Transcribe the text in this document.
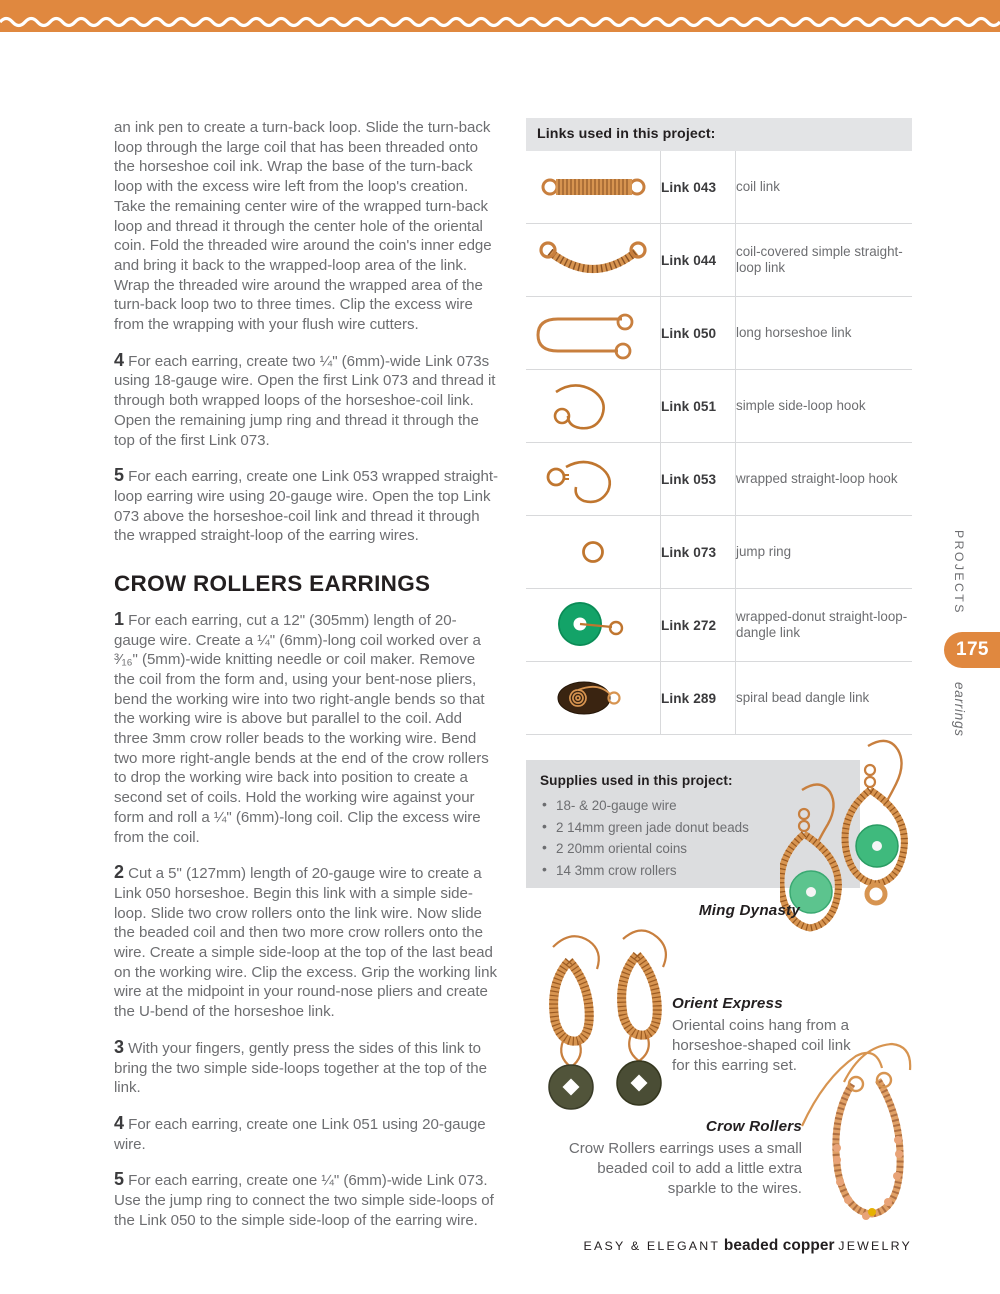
an ink pen to create a turn-back loop. Slide the turn-back loop through the large coil that has been threaded onto the horseshoe coil ink. Wrap the base of the turn-back loop with the excess wire left from the loop's creation. Take the remaining center wire of the wrapped turn-back loop and thread it through the center hole of the oriental coin. Fold the threaded wire around the coin's inner edge and bring it back to the wrapped-loop area of the link. Wrap the threaded wire around the wrapped area of the turn-back loop two to three times. Clip the excess wire from the wrapping with your flush wire cutters.

4 For each earring, create two ¼" (6mm)-wide Link 073s using 18-gauge wire. Open the first Link 073 and thread it through both wrapped loops of the horseshoe-coil link. Open the remaining jump ring and thread it through the top of the first Link 073.

5 For each earring, create one Link 053 wrapped straight-loop earring wire using 20-gauge wire. Open the top Link 073 above the horseshoe-coil link and thread it through the wrapped straight-loop of the earring wires.

CROW ROLLERS EARRINGS

1 For each earring, cut a 12" (305mm) length of 20-gauge wire. Create a ¼" (6mm)-long coil worked over a ³⁄₁₆" (5mm)-wide knitting needle or coil maker. Remove the coil from the form and, using your bent-nose pliers, bend the working wire into two right-angle bends so that the working wire is above but parallel to the coil. Add three 3mm crow roller beads to the working wire. Bend two more right-angle bends at the end of the crow rollers to drop the working wire back into position to create a second set of coils. Hold the working wire against your form and roll a ¼" (6mm)-long coil. Clip the excess wire from the coil.

2 Cut a 5" (127mm) length of 20-gauge wire to create a Link 050 horseshoe. Begin this link with a simple side-loop. Slide two crow rollers onto the link wire. Now slide the beaded coil and then two more crow rollers onto the wire. Create a simple side-loop at the top of the last bead on the working wire. Clip the excess. Grip the working link wire at the midpoint in your round-nose pliers and create the U-bend of the horseshoe link.

3 With your fingers, gently press the sides of this link to bring the two simple side-loops together at the top of the link.

4 For each earring, create one Link 051 using 20-gauge wire.

5 For each earring, create one ¼" (6mm)-wide Link 073. Use the jump ring to connect the two simple side-loops of the Link 050 to the simple side-loop of the earring wire.

Links used in this project:
	Link 043	coil link

	Link 044	coil-covered simple straight-loop link

	Link 050	long horseshoe link

	Link 051	simple side-loop hook

	Link 053	wrapped straight-loop hook

	Link 073	jump ring

	Link 272	wrapped-donut straight-loop-dangle link

	Link 289	spiral bead dangle link
Supplies used in this project:
• 18- & 20-gauge wire
• 2 14mm green jade donut beads
• 2 20mm oriental coins
• 14 3mm crow rollers
Ming Dynasty
Orient Express
Oriental coins hang from a horseshoe-shaped coil link for this earring set.
Crow Rollers
Crow Rollers earrings uses a small beaded coil to add a little extra sparkle to the wires.
PROJECTS
175
earrings
EASY & ELEGANT beaded copper JEWELRY
